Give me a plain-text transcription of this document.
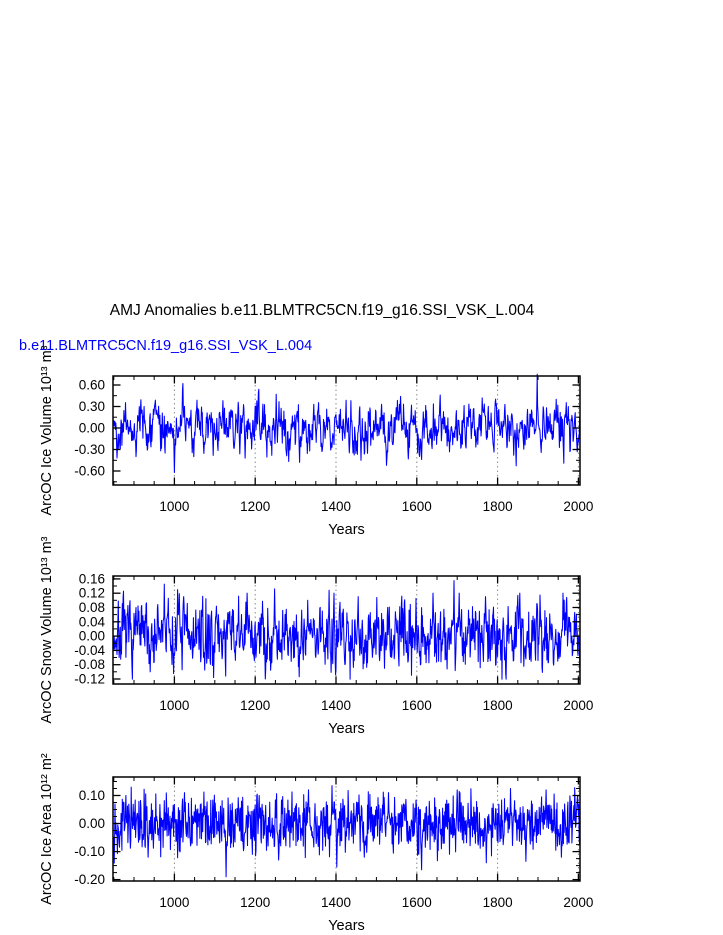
AMJ Anomalies b.e11.BLMTRC5CN.f19_g16.SSI_VSK_L.004
b.e11.BLMTRC5CN.f19_g16.SSI_VSK_L.004
1000	1200	1400	1600	1800	2000
Years
0.60
0.30
0.00
-0.30
-0.60
ArcOC Ice Volume 10¹³ m³
1000	1200	1400	1600	1800	2000
Years
0.16
0.12
0.08
0.04
0.00
-0.04
-0.08
-0.12
ArcOC Snow Volume 10¹³ m³
1000	1200	1400	1600	1800	2000
Years
0.10
0.00
-0.10
-0.20
ArcOC Ice Area 10¹² m²
